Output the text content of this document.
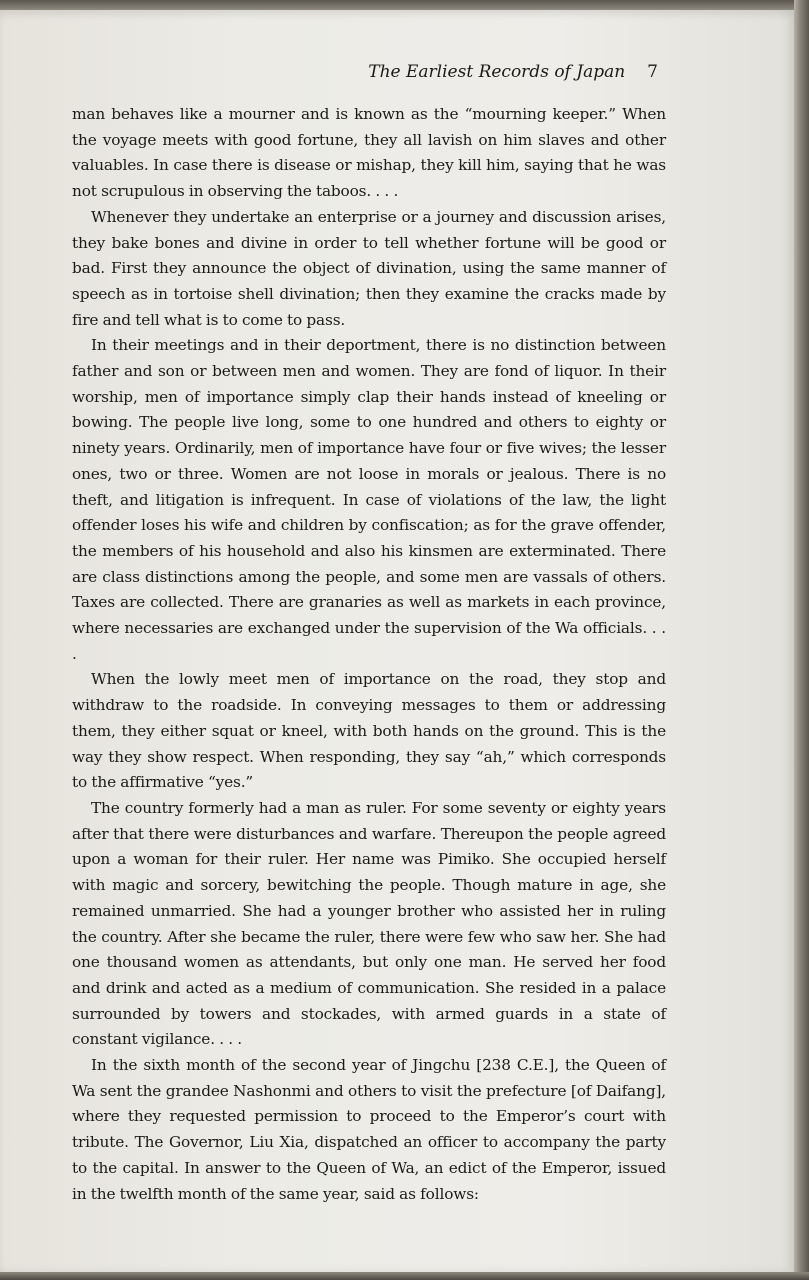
The Earliest Records of Japan 7

man behaves like a mourner and is known as the “mourning keeper.” When the voyage meets with good fortune, they all lavish on him slaves and other valuables. In case there is disease or mishap, they kill him, saying that he was not scrupulous in observing the taboos. . . .

Whenever they undertake an enterprise or a journey and discussion arises, they bake bones and divine in order to tell whether fortune will be good or bad. First they announce the object of divination, using the same manner of speech as in tortoise shell divination; then they examine the cracks made by fire and tell what is to come to pass.

In their meetings and in their deportment, there is no distinction between father and son or between men and women. They are fond of liquor. In their worship, men of importance simply clap their hands instead of kneeling or bowing. The people live long, some to one hundred and others to eighty or ninety years. Ordinarily, men of importance have four or five wives; the lesser ones, two or three. Women are not loose in morals or jealous. There is no theft, and litigation is infrequent. In case of violations of the law, the light offender loses his wife and children by confiscation; as for the grave offender, the members of his household and also his kinsmen are exterminated. There are class distinctions among the people, and some men are vassals of others. Taxes are collected. There are granaries as well as markets in each province, where necessaries are exchanged under the supervision of the Wa officials. . . .

When the lowly meet men of importance on the road, they stop and withdraw to the roadside. In conveying messages to them or addressing them, they either squat or kneel, with both hands on the ground. This is the way they show respect. When responding, they say “ah,” which corresponds to the affirmative “yes.”

The country formerly had a man as ruler. For some seventy or eighty years after that there were disturbances and warfare. Thereupon the people agreed upon a woman for their ruler. Her name was Pimiko. She occupied herself with magic and sorcery, bewitching the people. Though mature in age, she remained unmarried. She had a younger brother who assisted her in ruling the country. After she became the ruler, there were few who saw her. She had one thousand women as attendants, but only one man. He served her food and drink and acted as a medium of communication. She resided in a palace surrounded by towers and stockades, with armed guards in a state of constant vigilance. . . .

In the sixth month of the second year of Jingchu [238 C.E.], the Queen of Wa sent the grandee Nashonmi and others to visit the prefecture [of Daifang], where they requested permission to proceed to the Emperor’s court with tribute. The Governor, Liu Xia, dispatched an officer to accompany the party to the capital. In answer to the Queen of Wa, an edict of the Emperor, issued in the twelfth month of the same year, said as follows:
